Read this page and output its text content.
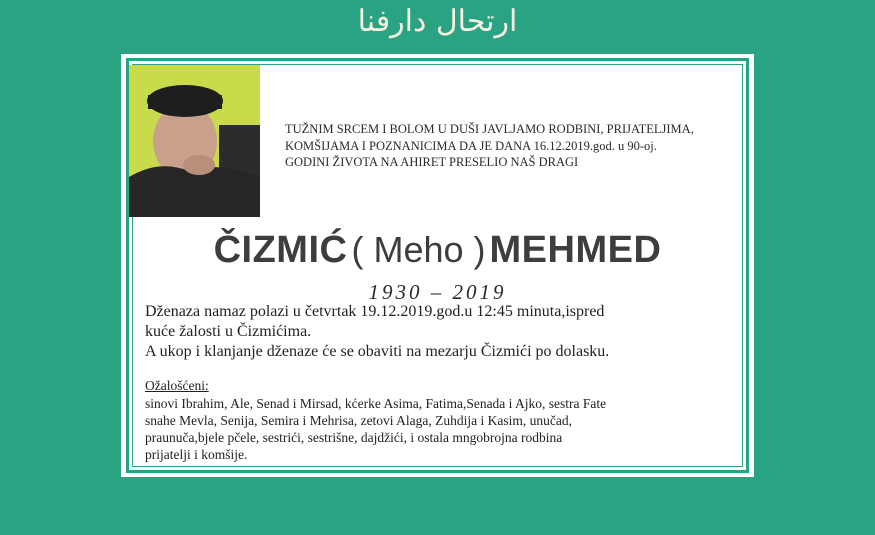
ارتحال دارفنا
TUŽNIM SRCEM I BOLOM U DUŠI JAVLJAMO RODBINI, PRIJATELJIMA,
KOMŠIJAMA I POZNANICIMA DA JE DANA 16.12.2019.god. u 90-oj.
GODINI ŽIVOTA NA AHIRET PRESELIO NAŠ DRAGI
ČIZMIĆ ( Meho ) MEHMED
1930 – 2019
Dženaza namaz polazi u četvrtak 19.12.2019.god.u 12:45 minuta,ispred
kuće žalosti u Čizmićima.
A ukop i klanjanje dženaze će se obaviti na mezarju Čizmići po dolasku.
Ožalošćeni:
sinovi Ibrahim, Ale, Senad i Mirsad, kćerke Asima, Fatima,Senada i Ajko, sestra Fate
snahe Mevla, Senija, Semira i Mehrisa, zetovi Alaga, Zuhdija i Kasim, unučad,
praunuča,bjele pčele, sestrići, sestrišne, dajdžići, i ostala mngobrojna rodbina
prijatelji i komšije.
